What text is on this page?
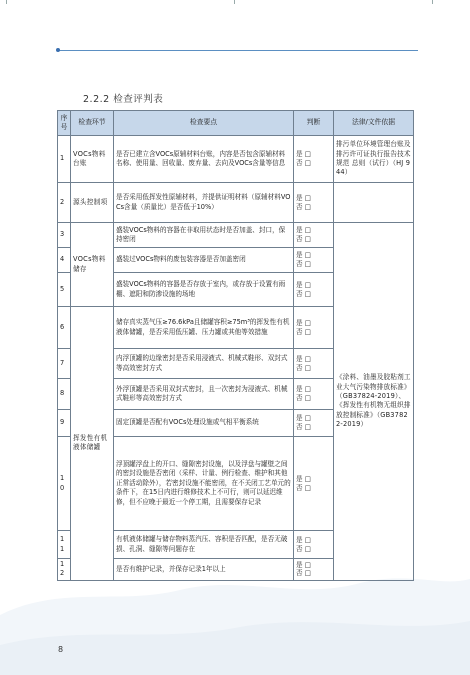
2.2.2 检查评判表
序号	检查环节	检查要点	判断	法律/文件依据
1	VOCs物料台账	是否已建立含VOCs原辅材料台账，内容是否包含原辅材料名称、使用量、回收量、废弃量、去向及VOCs含量等信息	是 □
否 □	排污单位环境管理台账及排污许可证执行报告技术规范 总则（试行）（HJ 944）
2	源头控制项	是否采用低挥发性原辅材料，并提供证明材料（原辅材料VOCs含量（质量比）是否低于10%）	是 □
否 □	
3	VOCs物料储存	盛装VOCs物料的容器在非取用状态时是否加盖、封口，保持密闭	是 □
否 □	《涂料、油墨及胶粘剂工业大气污染物排放标准》（GB37824-2019）、《挥发性有机物无组织排放控制标准》（GB37822-2019）
4		盛装过VOCs物料的废包装容器是否加盖密闭	是 □
否 □	
5		盛装VOCs物料的容器是否存放于室内，或存放于设置有雨棚、遮阳和防渗设施的场地	是 □
否 □	
6	挥发性有机液体储罐	储存真实蒸气压≥76.6kPa且储罐容积≥75m³的挥发性有机液体储罐，是否采用低压罐、压力罐或其他等效措施	是 □
否 □	
7		内浮顶罐的边缘密封是否采用浸液式、机械式鞋形、双封式等高效密封方式	是 □
否 □	
8		外浮顶罐是否采用双封式密封，且一次密封为浸液式、机械式鞋形等高效密封方式	是 □
否 □	
9		固定顶罐是否配有VOCs处理设施或气相平衡系统	是 □
否 □	
10		浮顶罐浮盘上的开口、缝隙密封设施，以及浮盘与罐壁之间的密封设施是否密闭（采样、计量、例行检查、维护和其他正常活动除外），若密封设施不能密闭，在不关闭工艺单元的条件下，在15日内进行维修技术上不可行，则可以延迟维修，但不应晚于最近一个停工期，且需要保存记录	是 □
否 □	
11		有机液体储罐与储存物料蒸汽压、容积是否匹配，是否无破损、孔洞、缝隙等问题存在	是 □
否 □	
12		是否有维护记录，并保存记录1年以上	是 □
否 □	
8
